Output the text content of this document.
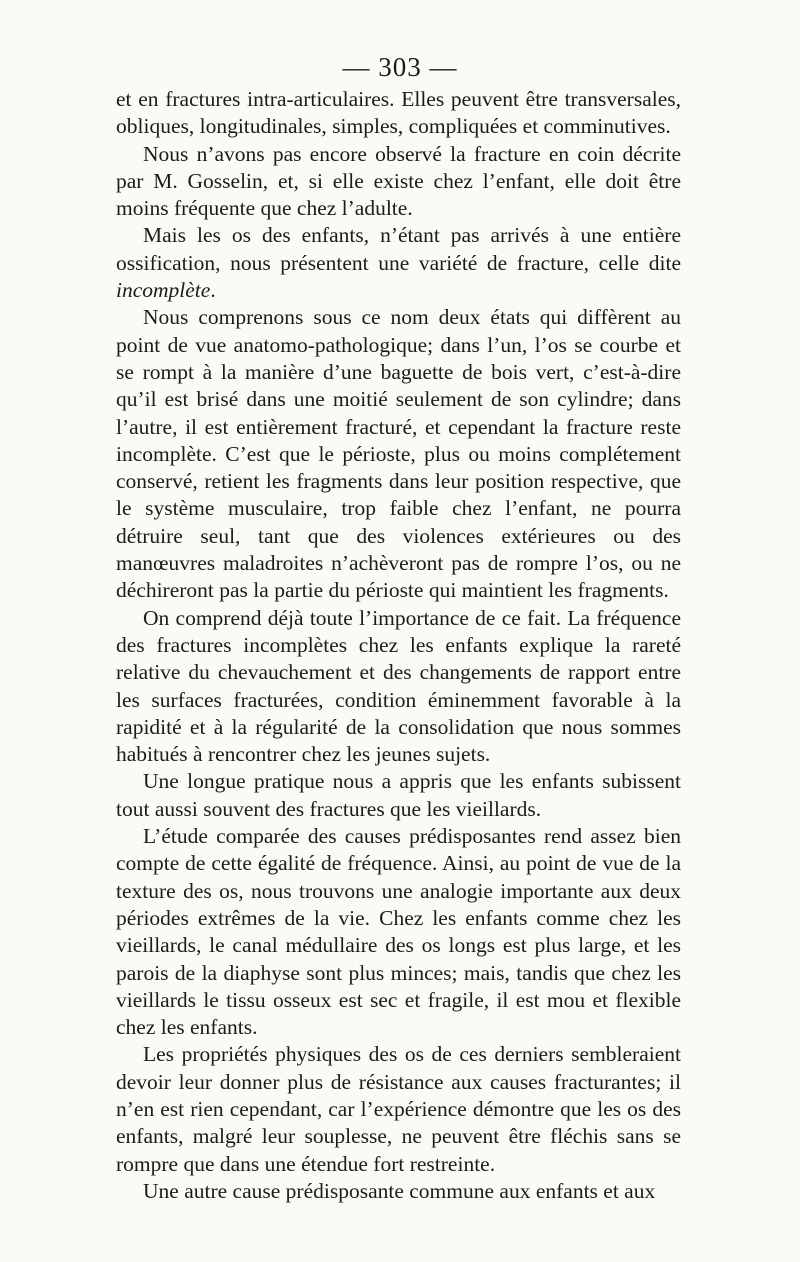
— 303 —

et en fractures intra-articulaires. Elles peuvent être transversales, obliques, longitudinales, simples, compliquées et comminutives.

Nous n’avons pas encore observé la fracture en coin décrite par M. Gosselin, et, si elle existe chez l’enfant, elle doit être moins fréquente que chez l’adulte.

Mais les os des enfants, n’étant pas arrivés à une entière ossification, nous présentent une variété de fracture, celle dite incomplète.

Nous comprenons sous ce nom deux états qui diffèrent au point de vue anatomo-pathologique; dans l’un, l’os se courbe et se rompt à la manière d’une baguette de bois vert, c’est-à-dire qu’il est brisé dans une moitié seulement de son cylindre; dans l’autre, il est entièrement fracturé, et cependant la fracture reste incomplète. C’est que le périoste, plus ou moins complétement conservé, retient les fragments dans leur position respective, que le système musculaire, trop faible chez l’enfant, ne pourra détruire seul, tant que des violences extérieures ou des manœuvres maladroites n’achèveront pas de rompre l’os, ou ne déchireront pas la partie du périoste qui maintient les fragments.

On comprend déjà toute l’importance de ce fait. La fréquence des fractures incomplètes chez les enfants explique la rareté relative du chevauchement et des changements de rapport entre les surfaces fracturées, condition éminemment favorable à la rapidité et à la régularité de la consolidation que nous sommes habitués à rencontrer chez les jeunes sujets.

Une longue pratique nous a appris que les enfants subissent tout aussi souvent des fractures que les vieillards.

L’étude comparée des causes prédisposantes rend assez bien compte de cette égalité de fréquence. Ainsi, au point de vue de la texture des os, nous trouvons une analogie importante aux deux périodes extrêmes de la vie. Chez les enfants comme chez les vieillards, le canal médullaire des os longs est plus large, et les parois de la diaphyse sont plus minces; mais, tandis que chez les vieillards le tissu osseux est sec et fragile, il est mou et flexible chez les enfants.

Les propriétés physiques des os de ces derniers sembleraient devoir leur donner plus de résistance aux causes fracturantes; il n’en est rien cependant, car l’expérience démontre que les os des enfants, malgré leur souplesse, ne peuvent être fléchis sans se rompre que dans une étendue fort restreinte.

Une autre cause prédisposante commune aux enfants et aux
